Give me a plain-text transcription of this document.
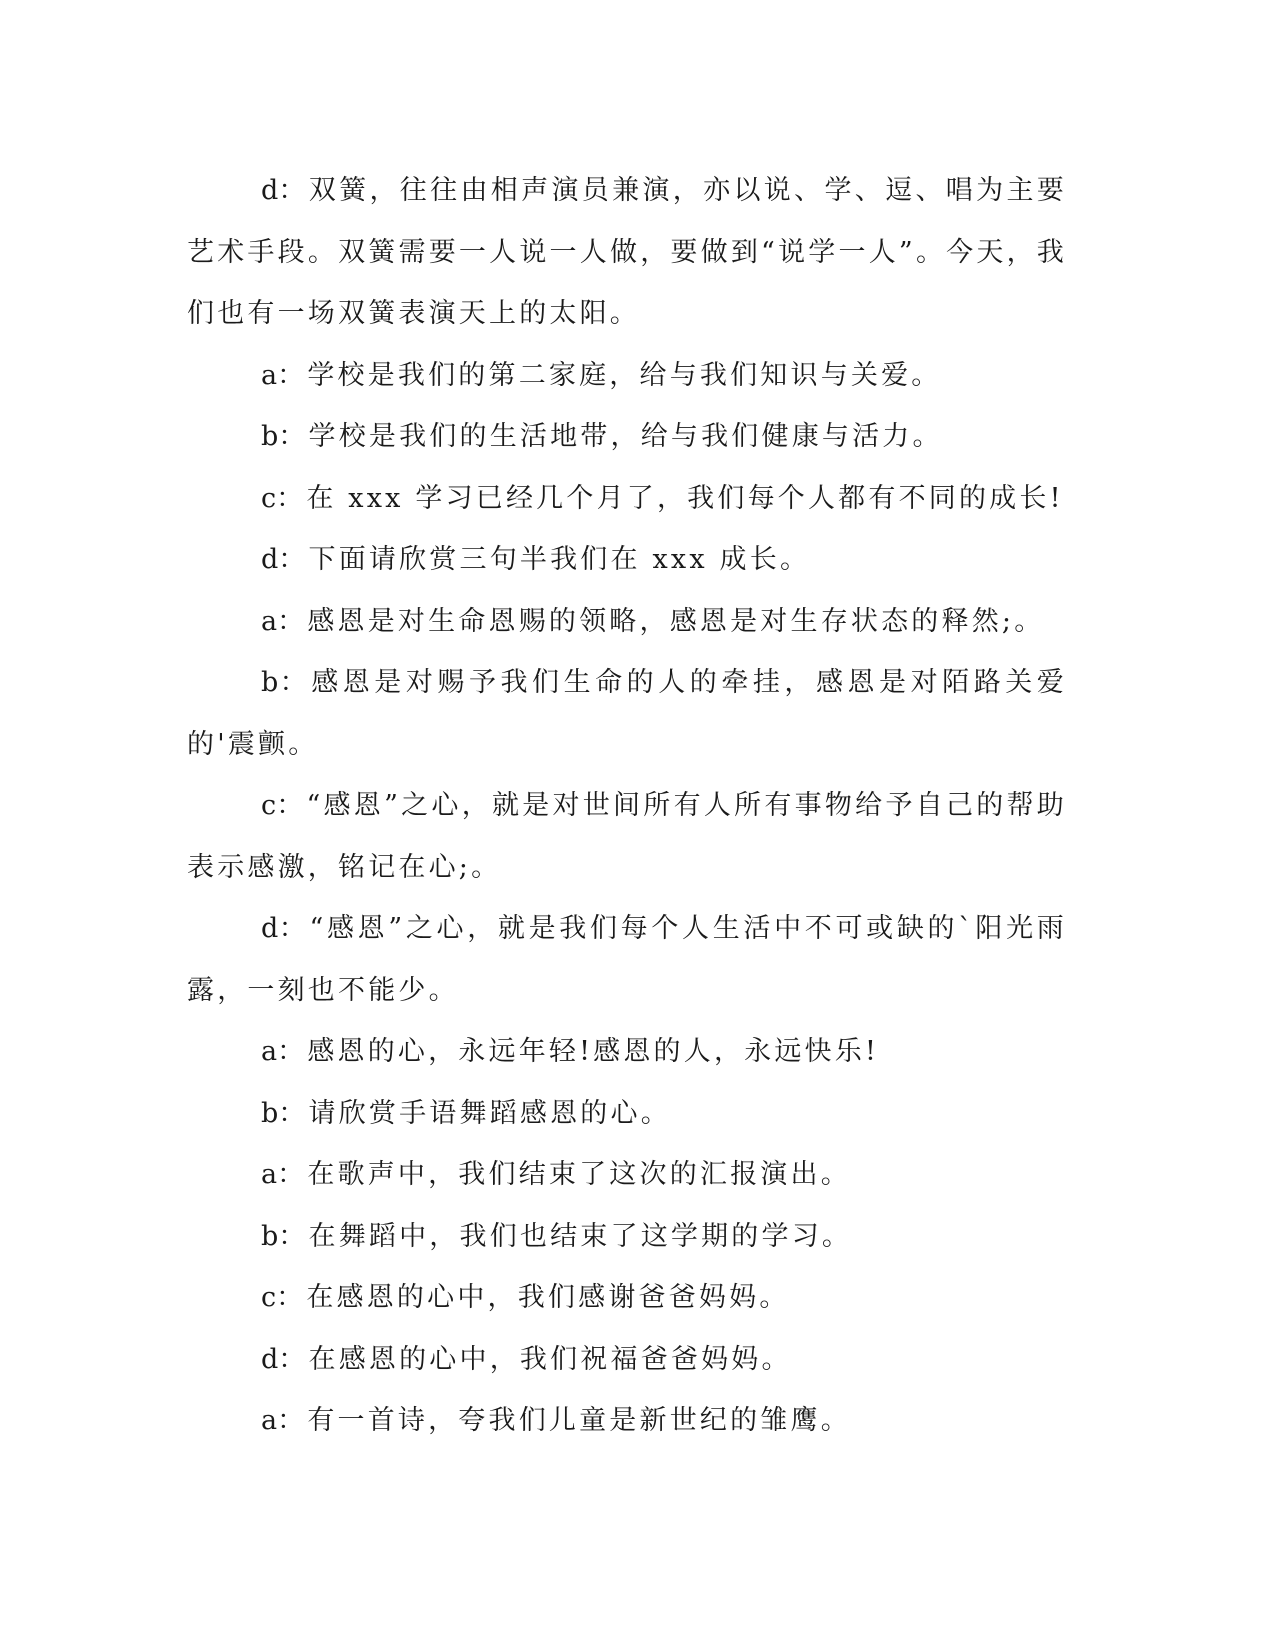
d：双簧，往往由相声演员兼演，亦以说、学、逗、唱为主要艺术手段。双簧需要一人说一人做，要做到“说学一人”。今天，我们也有一场双簧表演天上的太阳。

a：学校是我们的第二家庭，给与我们知识与关爱。

b：学校是我们的生活地带，给与我们健康与活力。

c：在 xxx 学习已经几个月了，我们每个人都有不同的成长!

d：下面请欣赏三句半我们在 xxx 成长。

a：感恩是对生命恩赐的领略，感恩是对生存状态的释然;。

b：感恩是对赐予我们生命的人的牵挂，感恩是对陌路关爱的'震颤。

c：“感恩”之心，就是对世间所有人所有事物给予自己的帮助表示感激，铭记在心;。

d：“感恩”之心，就是我们每个人生活中不可或缺的`阳光雨露，一刻也不能少。

a：感恩的心，永远年轻!感恩的人，永远快乐!

b：请欣赏手语舞蹈感恩的心。

a：在歌声中，我们结束了这次的汇报演出。

b：在舞蹈中，我们也结束了这学期的学习。

c：在感恩的心中，我们感谢爸爸妈妈。

d：在感恩的心中，我们祝福爸爸妈妈。

a：有一首诗，夸我们儿童是新世纪的雏鹰。
